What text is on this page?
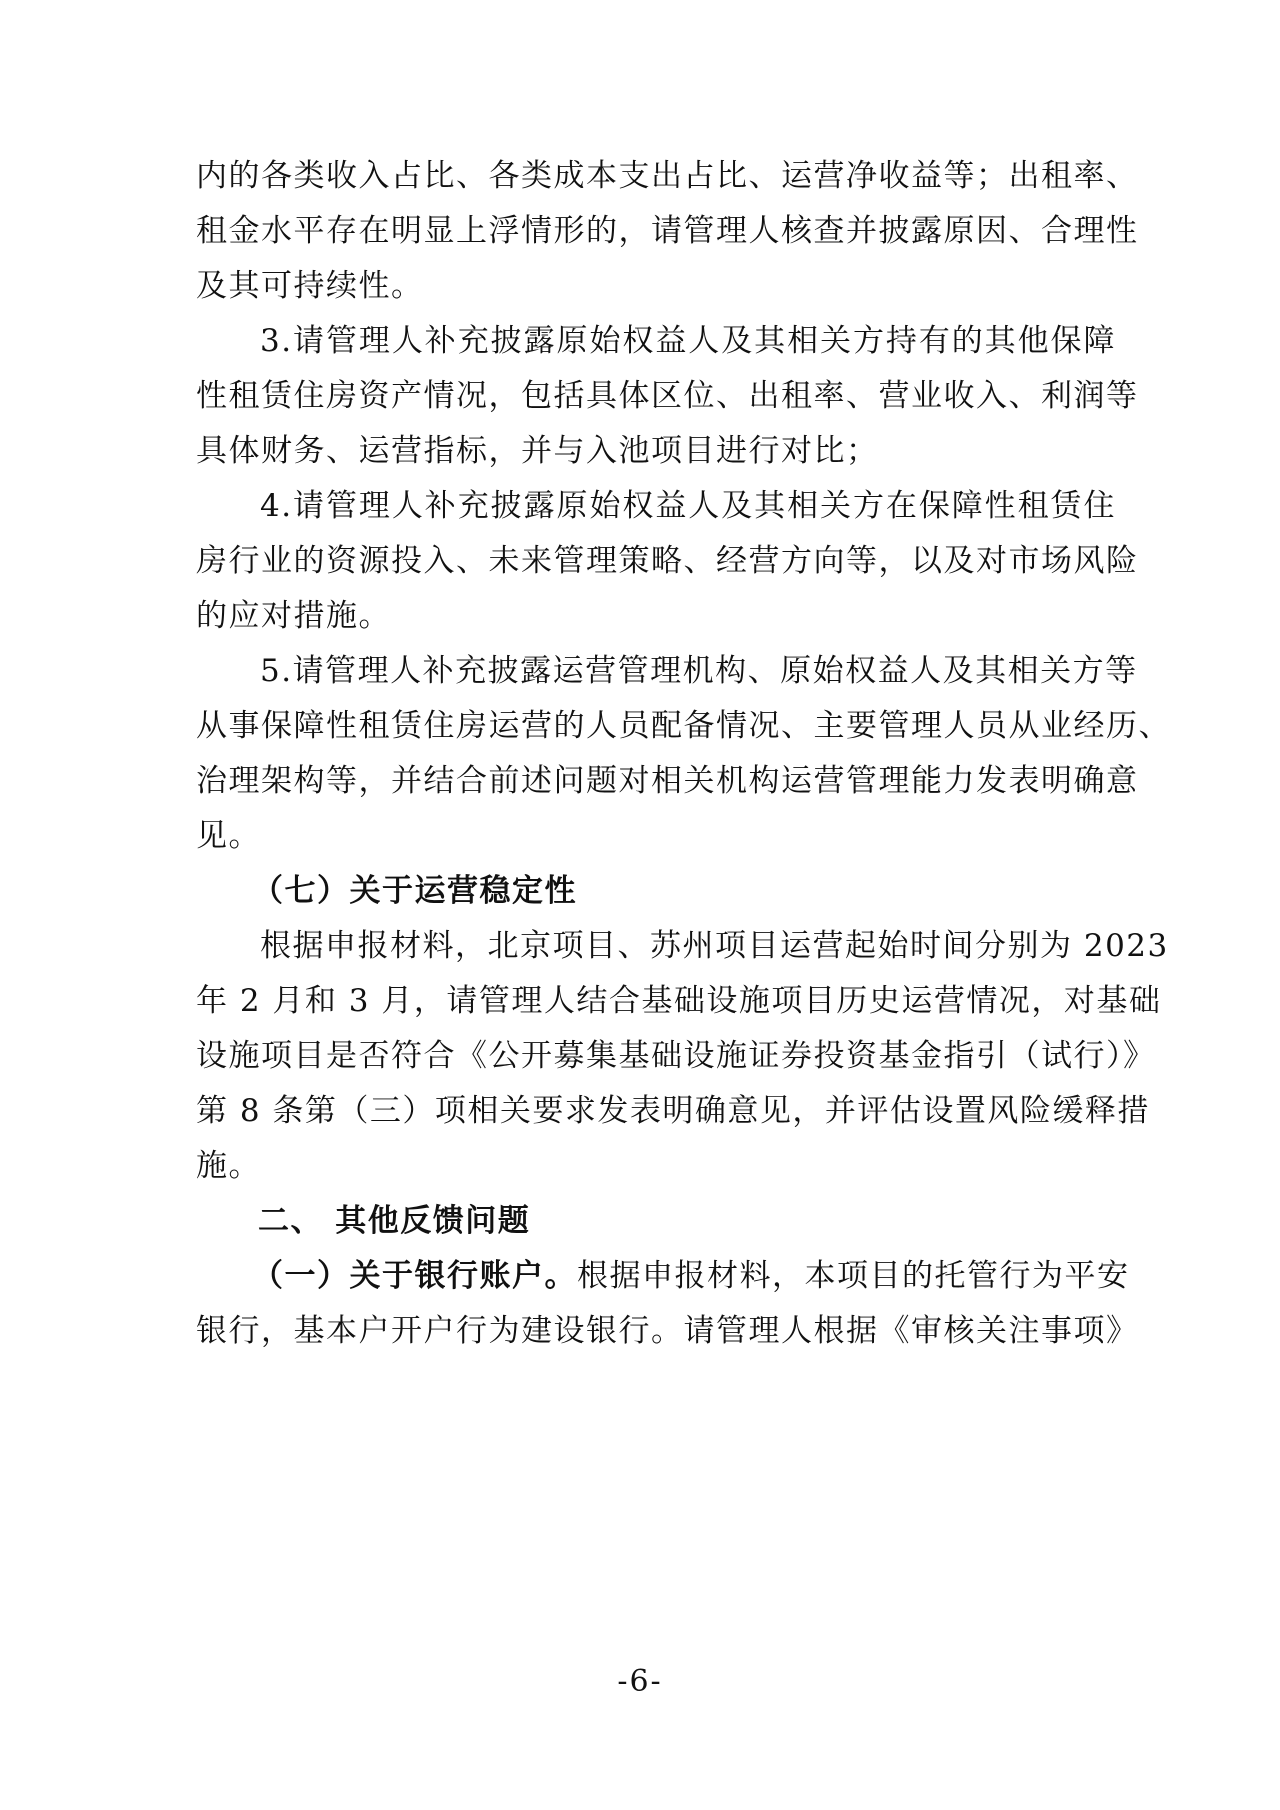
内的各类收入占比、各类成本支出占比、运营净收益等；出租率、
租金水平存在明显上浮情形的，请管理人核查并披露原因、合理性
及其可持续性。
3.请管理人补充披露原始权益人及其相关方持有的其他保障
性租赁住房资产情况，包括具体区位、出租率、营业收入、利润等
具体财务、运营指标，并与入池项目进行对比；
4.请管理人补充披露原始权益人及其相关方在保障性租赁住
房行业的资源投入、未来管理策略、经营方向等，以及对市场风险
的应对措施。
5.请管理人补充披露运营管理机构、原始权益人及其相关方等
从事保障性租赁住房运营的人员配备情况、主要管理人员从业经历、
治理架构等，并结合前述问题对相关机构运营管理能力发表明确意
见。
（七）关于运营稳定性
根据申报材料，北京项目、苏州项目运营起始时间分别为 2023
年 2 月和 3 月，请管理人结合基础设施项目历史运营情况，对基础
设施项目是否符合《公开募集基础设施证券投资基金指引（试行）》
第 8 条第（三）项相关要求发表明确意见，并评估设置风险缓释措
施。
二、 其他反馈问题
（一）关于银行账户。根据申报材料，本项目的托管行为平安
银行，基本户开户行为建设银行。请管理人根据《审核关注事项》
-6-
